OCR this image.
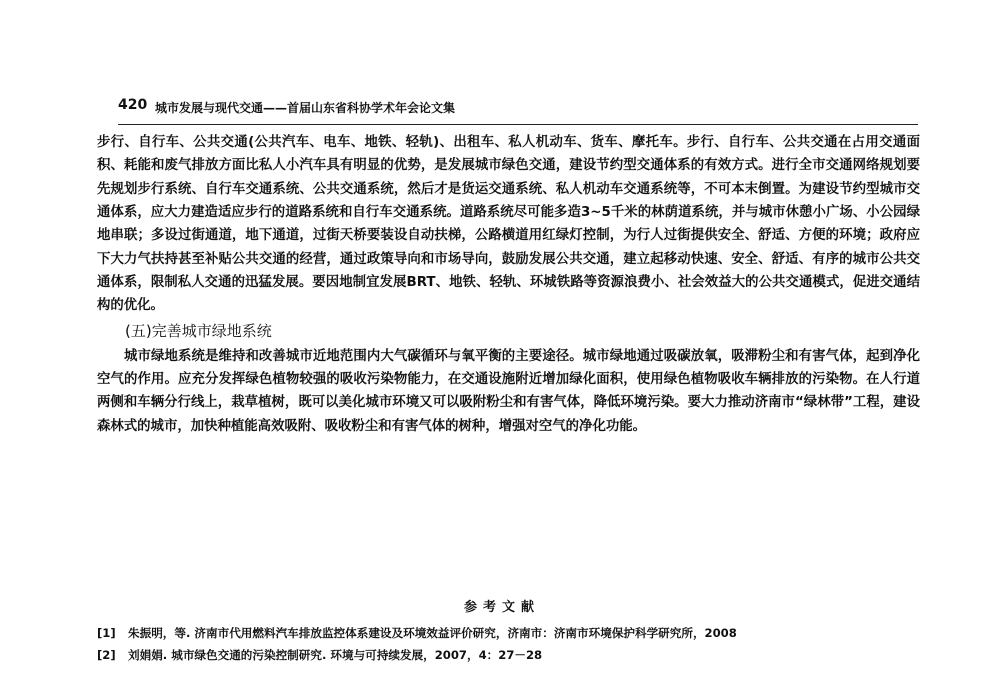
420 城市发展与现代交通——首届山东省科协学术年会论文集

步行、自行车、公共交通(公共汽车、电车、地铁、轻轨)、出租车、私人机动车、货车、摩托车。步行、自行车、公共交通在占用交通面积、耗能和废气排放方面比私人小汽车具有明显的优势，是发展城市绿色交通，建设节约型交通体系的有效方式。进行全市交通网络规划要先规划步行系统、自行车交通系统、公共交通系统，然后才是货运交通系统、私人机动车交通系统等，不可本末倒置。为建设节约型城市交通体系，应大力建造适应步行的道路系统和自行车交通系统。道路系统尽可能多造3~5千米的林荫道系统，并与城市休憩小广场、小公园绿地串联；多设过街通道，地下通道，过街天桥要装设自动扶梯，公路横道用红绿灯控制，为行人过街提供安全、舒适、方便的环境；政府应下大力气扶持甚至补贴公共交通的经营，通过政策导向和市场导向，鼓励发展公共交通，建立起移动快速、安全、舒适、有序的城市公共交通体系，限制私人交通的迅猛发展。要因地制宜发展BRT、地铁、轻轨、环城铁路等资源浪费小、社会效益大的公共交通模式，促进交通结构的优化。

(五)完善城市绿地系统

城市绿地系统是维持和改善城市近地范围内大气碳循环与氧平衡的主要途径。城市绿地通过吸碳放氧，吸滞粉尘和有害气体，起到净化空气的作用。应充分发挥绿色植物较强的吸收污染物能力，在交通设施附近增加绿化面积，使用绿色植物吸收车辆排放的污染物。在人行道两侧和车辆分行线上，栽草植树，既可以美化城市环境又可以吸附粉尘和有害气体，降低环境污染。要大力推动济南市“绿林带”工程，建设森林式的城市，加快种植能高效吸附、吸收粉尘和有害气体的树种，增强对空气的净化功能。

参考文献

[1]	朱振明，等. 济南市代用燃料汽车排放监控体系建设及环境效益评价研究，济南市：济南市环境保护科学研究所，2008

[2]	刘娟娟. 城市绿色交通的污染控制研究. 环境与可持续发展，2007，4：27－28
